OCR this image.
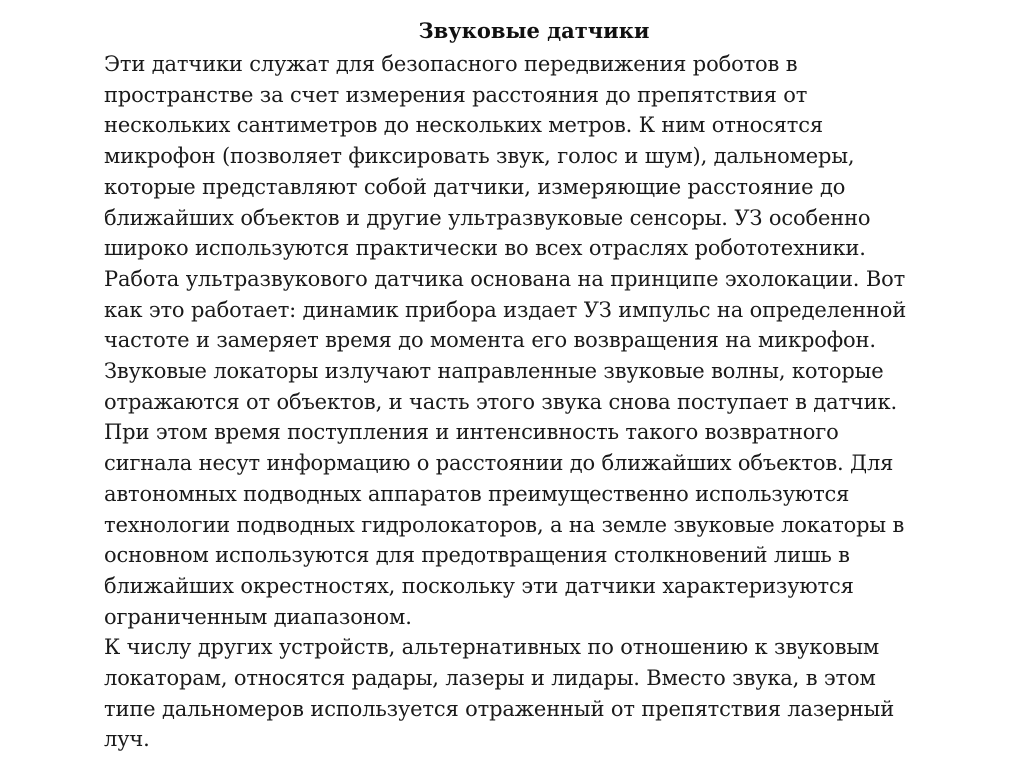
Звуковые датчики

Эти датчики служат для безопасного передвижения роботов в
пространстве за счет измерения расстояния до препятствия от
нескольких сантиметров до нескольких метров. К ним относятся
микрофон (позволяет фиксировать звук, голос и шум), дальномеры,
которые представляют собой датчики, измеряющие расстояние до
ближайших объектов и другие ультразвуковые сенсоры. УЗ особенно
широко используются практически во всех отраслях робототехники.

Работа ультразвукового датчика основана на принципе эхолокации. Вот
как это работает: динамик прибора издает УЗ импульс на определенной
частоте и замеряет время до момента его возвращения на микрофон.

Звуковые локаторы излучают направленные звуковые волны, которые
отражаются от объектов, и часть этого звука снова поступает в датчик.
При этом время поступления и интенсивность такого возвратного
сигнала несут информацию о расстоянии до ближайших объектов. Для
автономных подводных аппаратов преимущественно используются
технологии подводных гидролокаторов, а на земле звуковые локаторы в
основном используются для предотвращения столкновений лишь в
ближайших окрестностях, поскольку эти датчики характеризуются
ограниченным диапазоном.

К числу других устройств, альтернативных по отношению к звуковым
локаторам, относятся радары, лазеры и лидары. Вместо звука, в этом
типе дальномеров используется отраженный от препятствия лазерный
луч.
